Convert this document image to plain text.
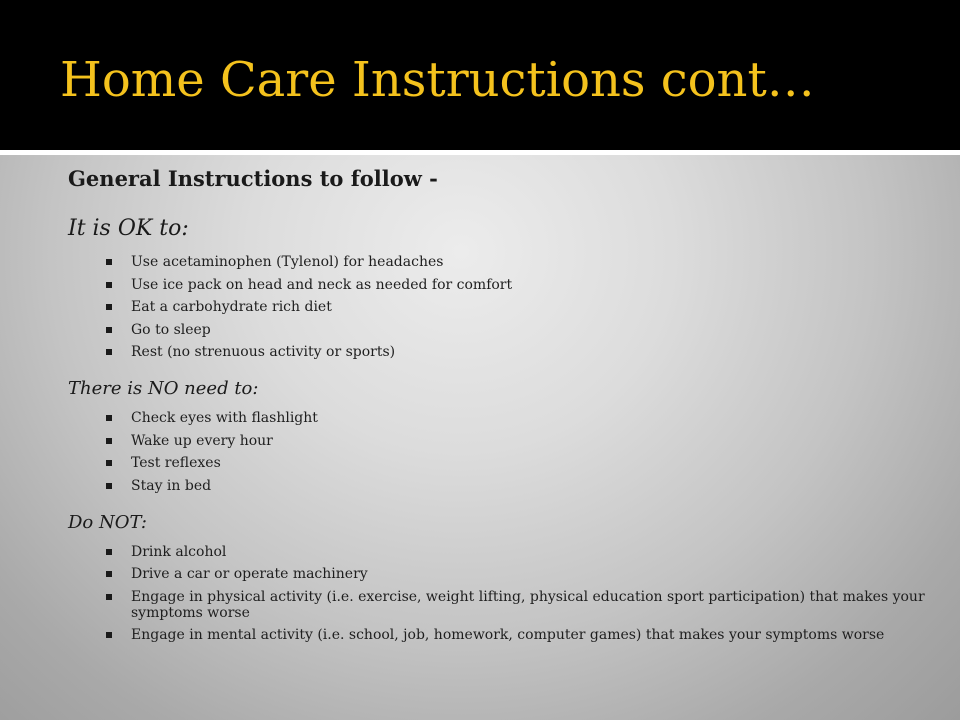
Home Care Instructions cont…
General Instructions to follow -
It is OK to:
Use acetaminophen (Tylenol) for headaches
Use ice pack on head and neck as needed for comfort
Eat a carbohydrate rich diet
Go to sleep
Rest (no strenuous activity or sports)
There is NO need to:
Check eyes with flashlight
Wake up every hour
Test reflexes
Stay in bed
Do NOT:
Drink alcohol
Drive a car or operate machinery
Engage in physical activity (i.e. exercise, weight lifting, physical education sport participation) that makes your symptoms worse
Engage in mental activity (i.e. school, job, homework, computer games) that makes your symptoms worse
